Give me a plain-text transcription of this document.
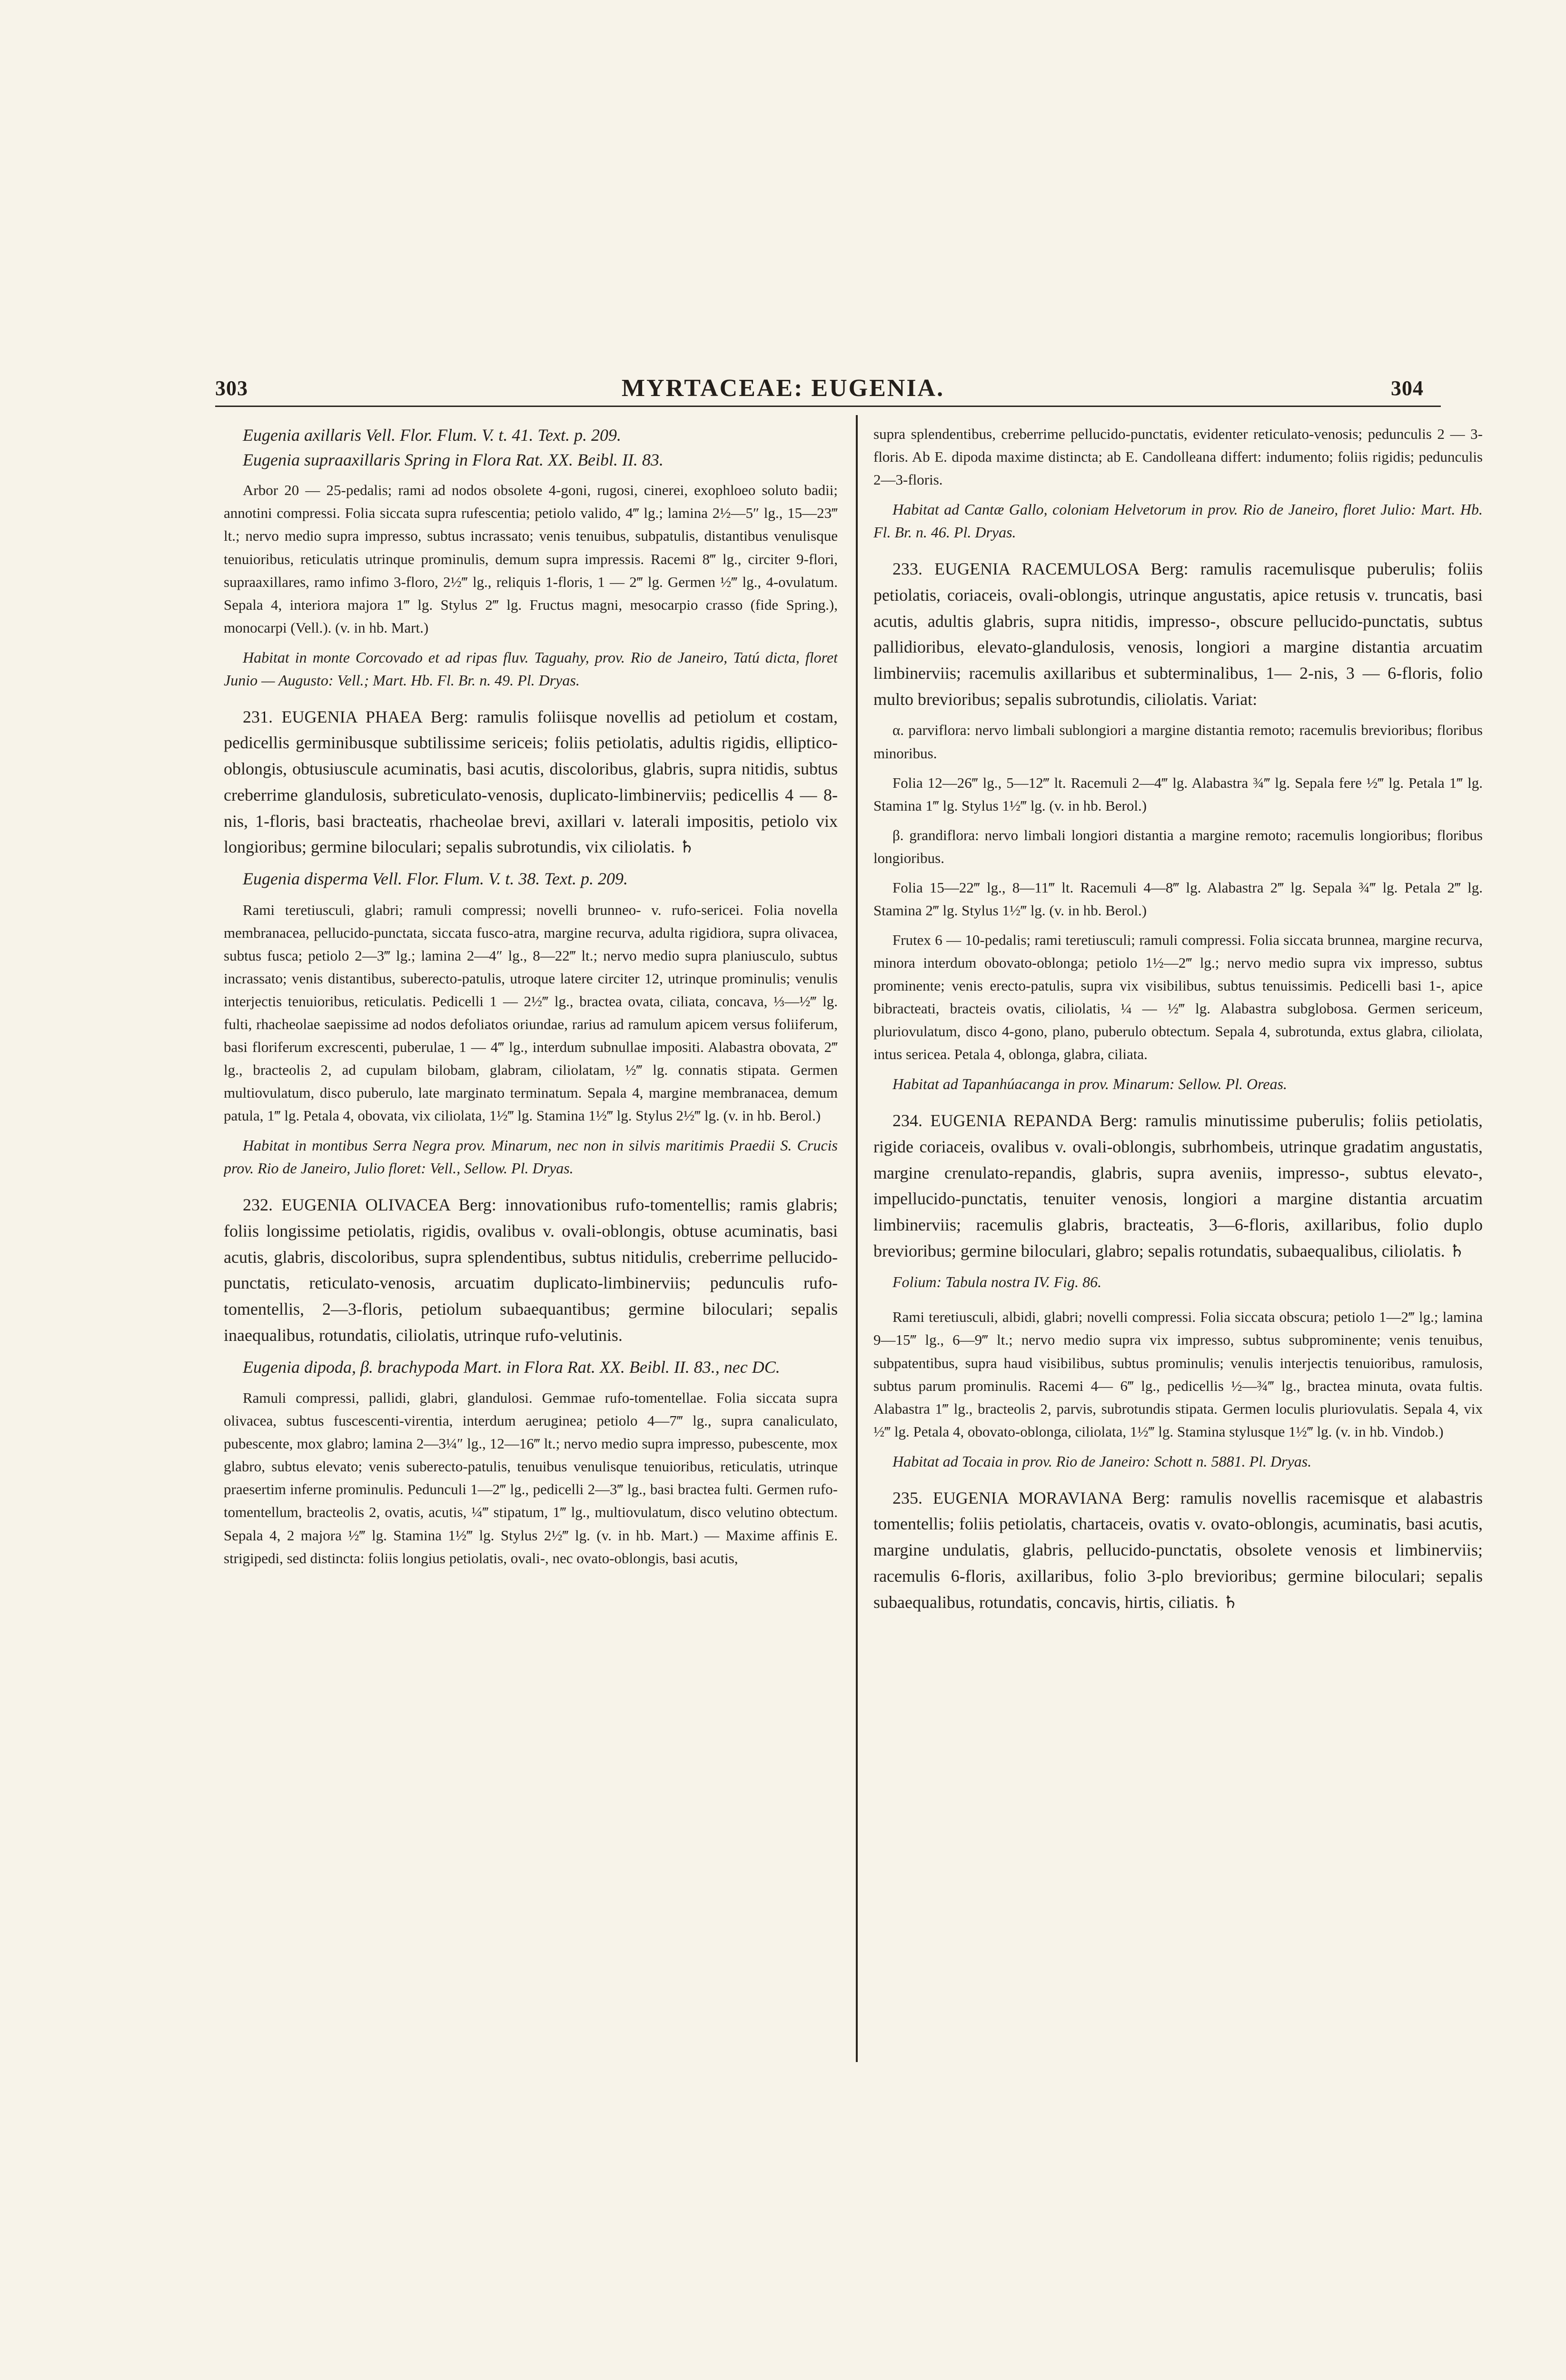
303	MYRTACEAE: EUGENIA.	304

Eugenia axillaris Vell. Flor. Flum. V. t. 41. Text. p. 209.

Eugenia supraaxillaris Spring in Flora Rat. XX. Beibl. II. 83.

Arbor 20 — 25-pedalis; rami ad nodos obsolete 4-goni, rugosi, cinerei, exophloeo soluto badii; annotini compressi. Folia siccata supra rufescentia; petiolo valido, 4‴ lg.; lamina 2½—5″ lg., 15—23‴ lt.; nervo medio supra impresso, subtus incrassato; venis tenuibus, subpatulis, distantibus venulisque tenuioribus, reticulatis utrinque prominulis, demum supra impressis. Racemi 8‴ lg., circiter 9-flori, supraaxillares, ramo infimo 3-floro, 2½‴ lg., reliquis 1-floris, 1 — 2‴ lg. Germen ½‴ lg., 4-ovulatum. Sepala 4, interiora majora 1‴ lg. Stylus 2‴ lg. Fructus magni, mesocarpio crasso (fide Spring.), monocarpi (Vell.). (v. in hb. Mart.)

Habitat in monte Corcovado et ad ripas fluv. Taguahy, prov. Rio de Janeiro, Tatú dicta, floret Junio — Augusto: Vell.; Mart. Hb. Fl. Br. n. 49. Pl. Dryas.

231. EUGENIA PHAEA Berg: ramulis foliisque novellis ad petiolum et costam, pedicellis germinibusque subtilissime sericeis; foliis petiolatis, adultis rigidis, elliptico-oblongis, obtusiuscule acuminatis, basi acutis, discoloribus, glabris, supra nitidis, subtus creberrime glandulosis, subreticulato-venosis, duplicato-limbinerviis; pedicellis 4 — 8-nis, 1-floris, basi bracteatis, rhacheolae brevi, axillari v. laterali impositis, petiolo vix longioribus; germine biloculari; sepalis subrotundis, vix ciliolatis. ♄

Eugenia disperma Vell. Flor. Flum. V. t. 38. Text. p. 209.

Rami teretiusculi, glabri; ramuli compressi; novelli brunneo- v. rufo-sericei. Folia novella membranacea, pellucido-punctata, siccata fusco-atra, margine recurva, adulta rigidiora, supra olivacea, subtus fusca; petiolo 2—3‴ lg.; lamina 2—4″ lg., 8—22‴ lt.; nervo medio supra planiusculo, subtus incrassato; venis distantibus, suberecto-patulis, utroque latere circiter 12, utrinque prominulis; venulis interjectis tenuioribus, reticulatis. Pedicelli 1 — 2½‴ lg., bractea ovata, ciliata, concava, ⅓—½‴ lg. fulti, rhacheolae saepissime ad nodos defoliatos oriundae, rarius ad ramulum apicem versus foliiferum, basi floriferum excrescenti, puberulae, 1 — 4‴ lg., interdum subnullae impositi. Alabastra obovata, 2‴ lg., bracteolis 2, ad cupulam bilobam, glabram, ciliolatam, ½‴ lg. connatis stipata. Germen multiovulatum, disco puberulo, late marginato terminatum. Sepala 4, margine membranacea, demum patula, 1‴ lg. Petala 4, obovata, vix ciliolata, 1½‴ lg. Stamina 1½‴ lg. Stylus 2½‴ lg. (v. in hb. Berol.)

Habitat in montibus Serra Negra prov. Minarum, nec non in silvis maritimis Praedii S. Crucis prov. Rio de Janeiro, Julio floret: Vell., Sellow. Pl. Dryas.

232. EUGENIA OLIVACEA Berg: innovationibus rufo-tomentellis; ramis glabris; foliis longissime petiolatis, rigidis, ovalibus v. ovali-oblongis, obtuse acuminatis, basi acutis, glabris, discoloribus, supra splendentibus, subtus nitidulis, creberrime pellucido-punctatis, reticulato-venosis, arcuatim duplicato-limbinerviis; pedunculis rufo-tomentellis, 2—3-floris, petiolum subaequantibus; germine biloculari; sepalis inaequalibus, rotundatis, ciliolatis, utrinque rufo-velutinis.

Eugenia dipoda, β. brachypoda Mart. in Flora Rat. XX. Beibl. II. 83., nec DC.

Ramuli compressi, pallidi, glabri, glandulosi. Gemmae rufo-tomentellae. Folia siccata supra olivacea, subtus fuscescenti-virentia, interdum aeruginea; petiolo 4—7‴ lg., supra canaliculato, pubescente, mox glabro; lamina 2—3¼″ lg., 12—16‴ lt.; nervo medio supra impresso, pubescente, mox glabro, subtus elevato; venis suberecto-patulis, tenuibus venulisque tenuioribus, reticulatis, utrinque praesertim inferne prominulis. Pedunculi 1—2‴ lg., pedicelli 2—3‴ lg., basi bractea fulti. Germen rufo-tomentellum, bracteolis 2, ovatis, acutis, ¼‴ stipatum, 1‴ lg., multiovulatum, disco velutino obtectum. Sepala 4, 2 majora ½‴ lg. Stamina 1½‴ lg. Stylus 2½‴ lg. (v. in hb. Mart.) — Maxime affinis E. strigipedi, sed distincta: foliis longius petiolatis, ovali-, nec ovato-oblongis, basi acutis,

supra splendentibus, creberrime pellucido-punctatis, evidenter reticulato-venosis; pedunculis 2 — 3-floris. Ab E. dipoda maxime distincta; ab E. Candolleana differt: indumento; foliis rigidis; pedunculis 2—3-floris.

Habitat ad Cantæ Gallo, coloniam Helvetorum in prov. Rio de Janeiro, floret Julio: Mart. Hb. Fl. Br. n. 46. Pl. Dryas.

233. EUGENIA RACEMULOSA Berg: ramulis racemulisque puberulis; foliis petiolatis, coriaceis, ovali-oblongis, utrinque angustatis, apice retusis v. truncatis, basi acutis, adultis glabris, supra nitidis, impresso-, obscure pellucido-punctatis, subtus pallidioribus, elevato-glandulosis, venosis, longiori a margine distantia arcuatim limbinerviis; racemulis axillaribus et subterminalibus, 1— 2-nis, 3 — 6-floris, folio multo brevioribus; sepalis subrotundis, ciliolatis. Variat:

α. parviflora: nervo limbali sublongiori a margine distantia remoto; racemulis brevioribus; floribus minoribus.

Folia 12—26‴ lg., 5—12‴ lt. Racemuli 2—4‴ lg. Alabastra ¾‴ lg. Sepala fere ½‴ lg. Petala 1‴ lg. Stamina 1‴ lg. Stylus 1½‴ lg. (v. in hb. Berol.)

β. grandiflora: nervo limbali longiori distantia a margine remoto; racemulis longioribus; floribus longioribus.

Folia 15—22‴ lg., 8—11‴ lt. Racemuli 4—8‴ lg. Alabastra 2‴ lg. Sepala ¾‴ lg. Petala 2‴ lg. Stamina 2‴ lg. Stylus 1½‴ lg. (v. in hb. Berol.)

Frutex 6 — 10-pedalis; rami teretiusculi; ramuli compressi. Folia siccata brunnea, margine recurva, minora interdum obovato-oblonga; petiolo 1½—2‴ lg.; nervo medio supra vix impresso, subtus prominente; venis erecto-patulis, supra vix visibilibus, subtus tenuissimis. Pedicelli basi 1-, apice bibracteati, bracteis ovatis, ciliolatis, ¼ — ½‴ lg. Alabastra subglobosa. Germen sericeum, pluriovulatum, disco 4-gono, plano, puberulo obtectum. Sepala 4, subrotunda, extus glabra, ciliolata, intus sericea. Petala 4, oblonga, glabra, ciliata.

Habitat ad Tapanhúacanga in prov. Minarum: Sellow. Pl. Oreas.

234. EUGENIA REPANDA Berg: ramulis minutissime puberulis; foliis petiolatis, rigide coriaceis, ovalibus v. ovali-oblongis, subrhombeis, utrinque gradatim angustatis, margine crenulato-repandis, glabris, supra aveniis, impresso-, subtus elevato-, impellucido-punctatis, tenuiter venosis, longiori a margine distantia arcuatim limbinerviis; racemulis glabris, bracteatis, 3—6-floris, axillaribus, folio duplo brevioribus; germine biloculari, glabro; sepalis rotundatis, subaequalibus, ciliolatis. ♄

Folium: Tabula nostra IV. Fig. 86.

Rami teretiusculi, albidi, glabri; novelli compressi. Folia siccata obscura; petiolo 1—2‴ lg.; lamina 9—15‴ lg., 6—9‴ lt.; nervo medio supra vix impresso, subtus subprominente; venis tenuibus, subpatentibus, supra haud visibilibus, subtus prominulis; venulis interjectis tenuioribus, ramulosis, subtus parum prominulis. Racemi 4— 6‴ lg., pedicellis ½—¾‴ lg., bractea minuta, ovata fultis. Alabastra 1‴ lg., bracteolis 2, parvis, subrotundis stipata. Germen loculis pluriovulatis. Sepala 4, vix ½‴ lg. Petala 4, obovato-oblonga, ciliolata, 1½‴ lg. Stamina stylusque 1½‴ lg. (v. in hb. Vindob.)

Habitat ad Tocaia in prov. Rio de Janeiro: Schott n. 5881. Pl. Dryas.

235. EUGENIA MORAVIANA Berg: ramulis novellis racemisque et alabastris tomentellis; foliis petiolatis, chartaceis, ovatis v. ovato-oblongis, acuminatis, basi acutis, margine undulatis, glabris, pellucido-punctatis, obsolete venosis et limbinerviis; racemulis 6-floris, axillaribus, folio 3-plo brevioribus; germine biloculari; sepalis subaequalibus, rotundatis, concavis, hirtis, ciliatis. ♄
